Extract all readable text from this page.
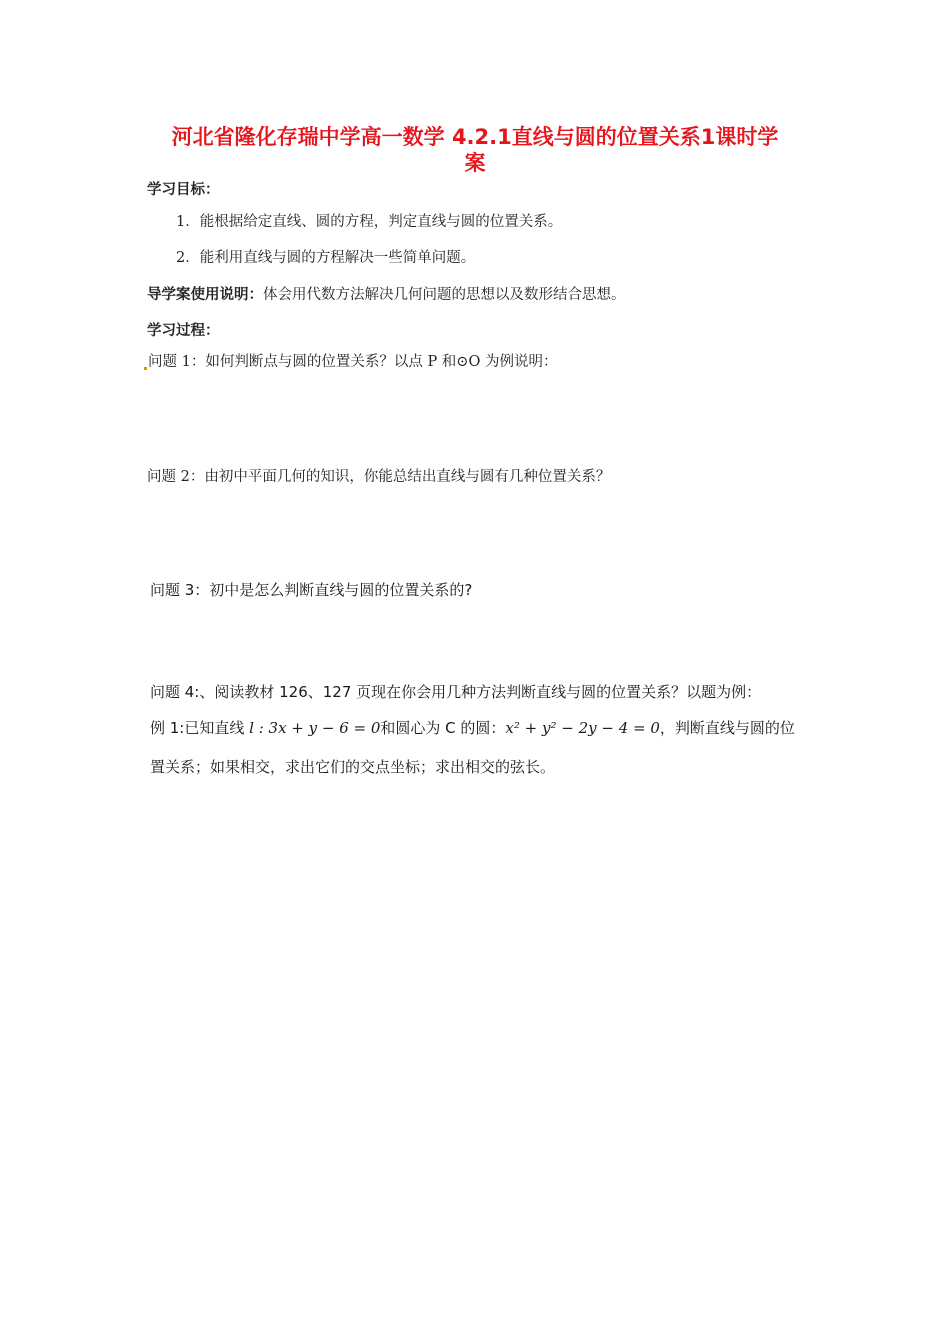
河北省隆化存瑞中学高一数学 4.2.1直线与圆的位置关系1课时学
案

学习目标：

1．能根据给定直线、圆的方程，判定直线与圆的位置关系。

2．能利用直线与圆的方程解决一些简单问题。

导学案使用说明：体会用代数方法解决几何问题的思想以及数形结合思想。

学习过程：

问题 1：如何判断点与圆的位置关系？以点 P 和⊙O 为例说明：

问题 2：由初中平面几何的知识，你能总结出直线与圆有几种位置关系？

问题 3：初中是怎么判断直线与圆的位置关系的?

问题 4:、阅读教材 126、127 页现在你会用几种方法判断直线与圆的位置关系？以题为例：

例 1:已知直线 l : 3x + y − 6 = 0和圆心为 C 的圆：x² + y² − 2y − 4 = 0，判断直线与圆的位

置关系；如果相交，求出它们的交点坐标；求出相交的弦长。
